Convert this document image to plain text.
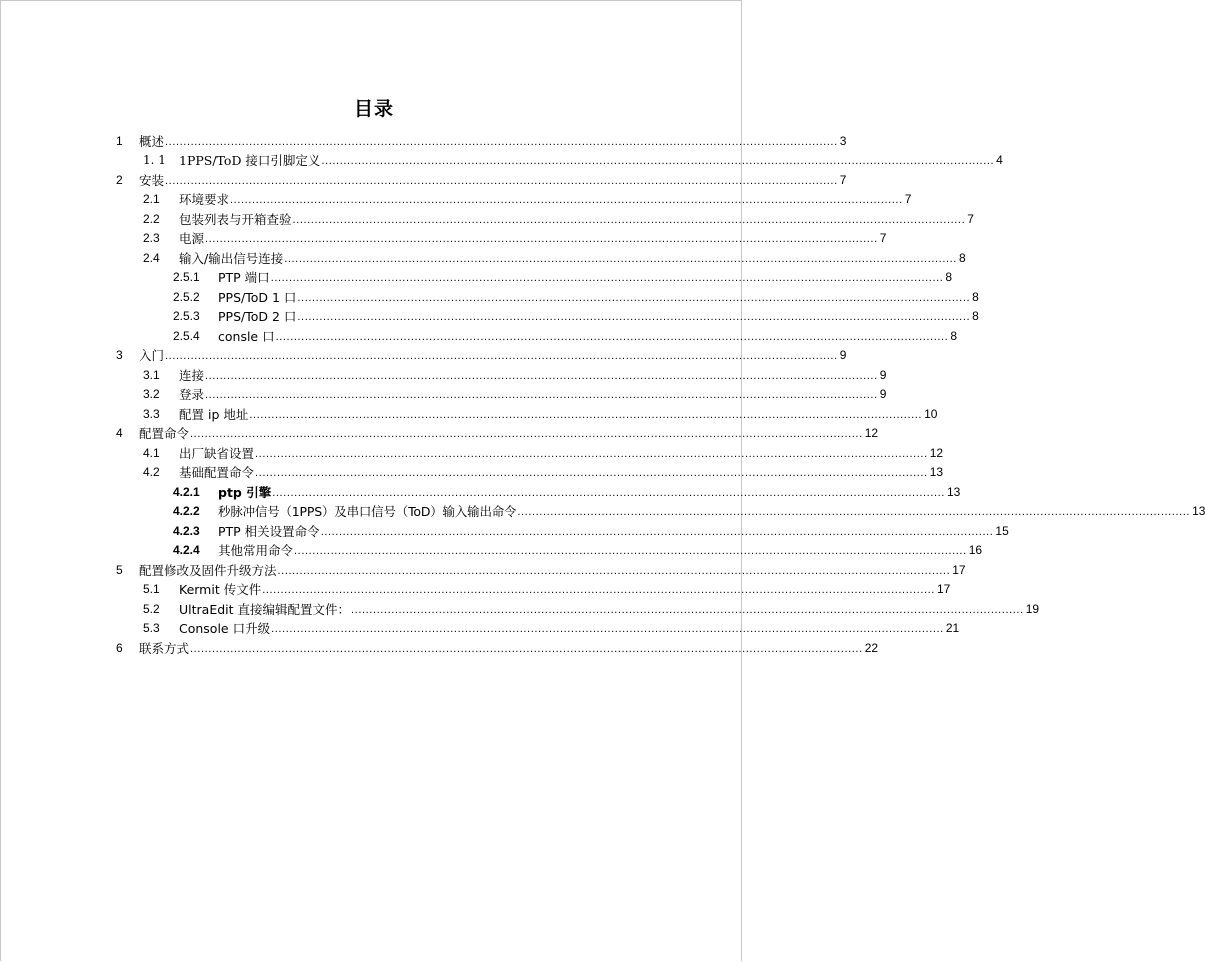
目录
1 概述 ........................................................................................................................................................................................ 3
1. 1 1PPS/ToD 接口引脚定义 ........................................................................................................................................................................................ 4
2 安装 ........................................................................................................................................................................................ 7
2.1 环境要求 ........................................................................................................................................................................................ 7
2.2 包装列表与开箱查验 ........................................................................................................................................................................................ 7
2.3 电源 ........................................................................................................................................................................................ 7
2.4 输入/输出信号连接 ........................................................................................................................................................................................ 8
2.5.1 PTP 端口 ........................................................................................................................................................................................ 8
2.5.2 PPS/ToD 1 口 ........................................................................................................................................................................................ 8
2.5.3 PPS/ToD 2 口 ........................................................................................................................................................................................ 8
2.5.4 consle 口 ........................................................................................................................................................................................ 8
3 入门 ........................................................................................................................................................................................ 9
3.1 连接 ........................................................................................................................................................................................ 9
3.2 登录 ........................................................................................................................................................................................ 9
3.3 配置 ip 地址 ........................................................................................................................................................................................ 10
4 配置命令 ........................................................................................................................................................................................ 12
4.1 出厂缺省设置 ........................................................................................................................................................................................ 12
4.2 基础配置命令 ........................................................................................................................................................................................ 13
4.2.1 ptp 引擎 ........................................................................................................................................................................................ 13
4.2.2 秒脉冲信号（1PPS）及串口信号（ToD）输入输出命令 ........................................................................................................................................................................................ 13
4.2.3 PTP 相关设置命令 ........................................................................................................................................................................................ 15
4.2.4 其他常用命令 ........................................................................................................................................................................................ 16
5 配置修改及固件升级方法 ........................................................................................................................................................................................ 17
5.1 Kermit 传文件 ........................................................................................................................................................................................ 17
5.2 UltraEdit 直接编辑配置文件： ........................................................................................................................................................................................ 19
5.3 Console 口升级 ........................................................................................................................................................................................ 21
6 联系方式 ........................................................................................................................................................................................ 22
